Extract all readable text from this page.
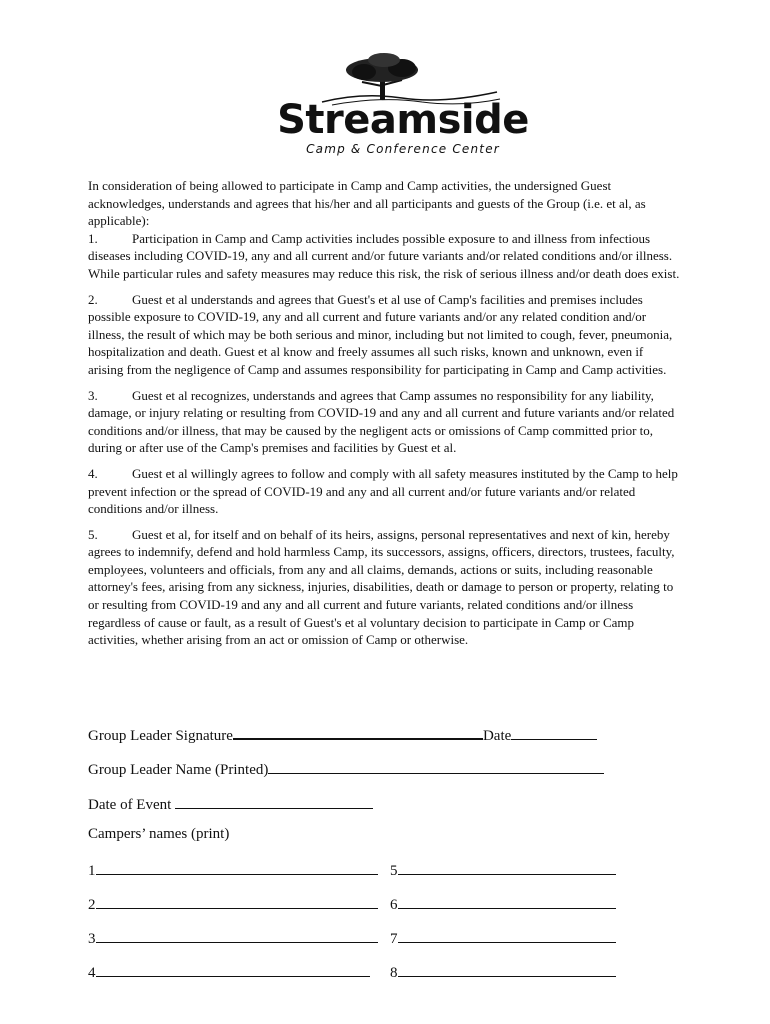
Streamside
Camp & Conference Center

In consideration of being allowed to participate in Camp and Camp activities, the undersigned Guest        acknowledges, understands and agrees that his/her and all participants and guests of the Group (i.e. et al, as applicable):

1.	Participation in Camp and Camp activities includes possible exposure to and illness from infectious diseases including COVID-19, any and all current and/or future variants and/or related conditions and/or illness. While particular rules and safety measures may reduce this risk, the risk of serious illness and/or death does exist.

2.	Guest et al understands and agrees that Guest's et al use of Camp's facilities and premises includes possible exposure to COVID-19, any and all current and future variants and/or any related condition and/or illness, the result of which may be both serious and minor, including but not limited to cough, fever, pneumonia, hospitalization and death. Guest et al know and freely assumes all such risks, known and unknown, even if arising from the negligence of Camp and assumes responsibility for participating in Camp and Camp activities.

3.	Guest et al recognizes, understands and agrees that Camp assumes no responsibility for any liability, damage, or injury relating or resulting from COVID-19 and any and all current and future variants and/or related conditions and/or illness, that may be caused by the negligent acts or omissions of Camp committed prior to, during or after use of the Camp's premises and facilities by Guest et al.

4.	Guest et al willingly agrees to follow and comply with all safety measures instituted by the Camp to help prevent infection or the spread of COVID-19 and any and all current and/or future variants and/or related conditions and/or illness.

5.	Guest et al, for itself and on behalf of its heirs, assigns, personal representatives and next of kin, hereby agrees to indemnify, defend and hold harmless Camp, its successors, assigns, officers, directors, trustees, faculty, employees, volunteers and officials, from any and all claims, demands, actions or suits, including reasonable attorney's fees, arising from any sickness, injuries, disabilities, death or damage to person or property, relating to or resulting from COVID-19 and any and all current and future variants, related conditions and/or illness regardless of cause or fault, as a result of Guest's et al voluntary decision to participate in Camp or Camp activities, whether arising from an act or omission of Camp or otherwise.

Group Leader Signature	Date
Group Leader Name (Printed)
Date of Event
Campers’ names (print)
1
2
3
4
5
6
7
8
